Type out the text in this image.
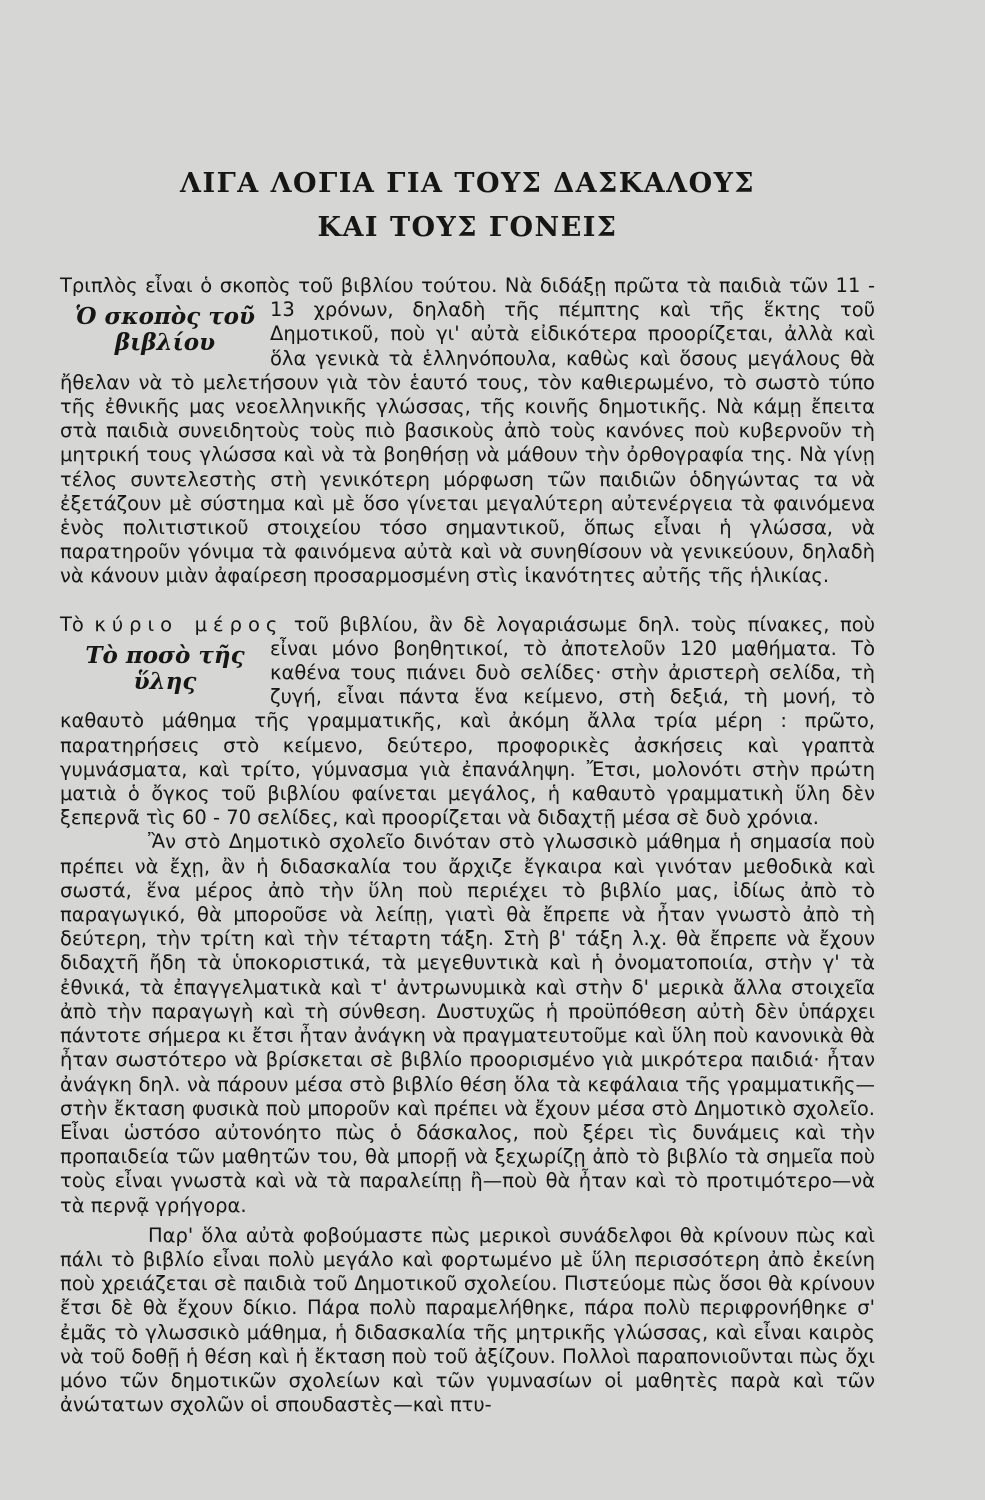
ΛΙΓΑ ΛΟΓΙΑ ΓΙΑ ΤΟΥΣ ΔΑΣΚΑΛΟΥΣ
ΚΑΙ ΤΟΥΣ ΓΟΝΕΙΣ
Τριπλὸς εἶναι ὁ σκοπὸς τοῦ βιβλίου τούτου. Νὰ διδάξῃ πρῶτα τὰ παιδιὰ τῶν 11 - 13 χρόνων, δηλαδὴ τῆς πέμπτης καὶ τῆς ἕκτης τοῦ
Ὁ σκοπὸς τοῦ βιβλίου	Δημοτικοῦ, ποὺ γι' αὐτὰ εἰδικότερα προορίζεται, ἀλλὰ καὶ ὅλα γενικὰ τὰ ἑλληνόπουλα, καθὼς καὶ ὅσους μεγάλους θὰ ἤθελαν νὰ τὸ μελετήσουν γιὰ τὸν ἑαυτό τους, τὸν καθιερωμένο, τὸ σωστὸ τύπο τῆς ἐθνικῆς μας νεοελληνικῆς γλώσσας, τῆς κοινῆς δημοτικῆς. Νὰ κάμῃ ἔπειτα στὰ παιδιὰ συνειδητοὺς τοὺς πιὸ βασικοὺς ἀπὸ τοὺς κανόνες ποὺ κυβερνοῦν τὴ μητρική τους γλώσσα καὶ νὰ τὰ βοηθήσῃ νὰ μάθουν τὴν ὀρθογραφία της. Νὰ γίνῃ τέλος συντελεστὴς στὴ γενικότερη μόρφωση τῶν παιδιῶν ὁδηγώντας τα νὰ ἐξετάζουν μὲ σύστημα καὶ μὲ ὅσο γίνεται μεγαλύτερη αὐτενέργεια τὰ φαινόμενα ἑνὸς πολιτιστικοῦ στοιχείου τόσο σημαντικοῦ, ὅπως εἶναι ἡ γλώσσα, νὰ παρατηροῦν γόνιμα τὰ φαινόμενα αὐτὰ καὶ νὰ συνηθίσουν νὰ γενικεύουν, δηλαδὴ νὰ κάνουν μιὰν ἀφαίρεση προσαρμοσμένη στὶς ἱκανότητες αὐτῆς τῆς ἡλικίας.
Τὸ κύριο μέρος τοῦ βιβλίου, ἂν δὲ λογαριάσωμε δηλ. τοὺς πίνακες, ποὺ εἶναι μόνο βοηθητικοί, τὸ ἀποτελοῦν 120 μαθήματα.
Τὸ ποσὸ τῆς ὕλης
Τὸ καθένα τους πιάνει δυὸ σελίδες· στὴν ἀριστερὴ σελίδα, τὴ ζυγή, εἶναι πάντα ἕνα κείμενο, στὴ δεξιά, τὴ μονή, τὸ καθαυτὸ μάθημα τῆς γραμματικῆς, καὶ ἀκόμη ἄλλα τρία μέρη : πρῶτο, παρατηρήσεις στὸ κείμενο, δεύτερο, προφορικὲς ἀσκήσεις καὶ γραπτὰ γυμνάσματα, καὶ τρίτο, γύμνασμα γιὰ ἐπανάληψη. Ἔτσι, μολονότι στὴν πρώτη ματιὰ ὁ ὄγκος τοῦ βιβλίου φαίνεται μεγάλος, ἡ καθαυτὸ γραμματικὴ ὕλη δὲν ξεπερνᾶ τὶς 60 - 70 σελίδες, καὶ προορίζεται νὰ διδαχτῇ μέσα σὲ δυὸ χρόνια.

Ἂν στὸ Δημοτικὸ σχολεῖο δινόταν στὸ γλωσσικὸ μάθημα ἡ σημασία ποὺ πρέπει νὰ ἔχῃ, ἂν ἡ διδασκαλία του ἄρχιζε ἔγκαιρα καὶ γινόταν μεθοδικὰ καὶ σωστά, ἕνα μέρος ἀπὸ τὴν ὕλη ποὺ περιέχει τὸ βιβλίο μας, ἰδίως ἀπὸ τὸ παραγωγικό, θὰ μποροῦσε νὰ λείπῃ, γιατὶ θὰ ἔπρεπε νὰ ἦταν γνωστὸ ἀπὸ τὴ δεύτερη, τὴν τρίτη καὶ τὴν τέταρτη τάξη. Στὴ β' τάξη λ.χ. θὰ ἔπρεπε νὰ ἔχουν διδαχτῆ ἤδη τὰ ὑποκοριστικά, τὰ μεγεθυντικὰ καὶ ἡ ὀνοματοποιία, στὴν γ' τὰ ἐθνικά, τὰ ἐπαγγελματικὰ καὶ τ' ἀντρωνυμικὰ καὶ στὴν δ' μερικὰ ἄλλα στοιχεῖα ἀπὸ τὴν παραγωγὴ καὶ τὴ σύνθεση. Δυστυχῶς ἡ προϋπόθεση αὐτὴ δὲν ὑπάρχει πάντοτε σήμερα κι ἔτσι ἦταν ἀνάγκη νὰ πραγματευτοῦμε καὶ ὕλη ποὺ κανονικὰ θὰ ἦταν σωστότερο νὰ βρίσκεται σὲ βιβλίο προορισμένο γιὰ μικρότερα παιδιά· ἦταν ἀνάγκη δηλ. νὰ πάρουν μέσα στὸ βιβλίο θέση ὅλα τὰ κεφάλαια τῆς γραμματικῆς—στὴν ἔκταση φυσικὰ ποὺ μποροῦν καὶ πρέπει νὰ ἔχουν μέσα στὸ Δημοτικὸ σχολεῖο. Εἶναι ὡστόσο αὐτονόητο πὼς ὁ δάσκαλος, ποὺ ξέρει τὶς δυνάμεις καὶ τὴν προπαιδεία τῶν μαθητῶν του, θὰ μπορῇ νὰ ξεχωρίζῃ ἀπὸ τὸ βιβλίο τὰ σημεῖα ποὺ τοὺς εἶναι γνωστὰ καὶ νὰ τὰ παραλείπῃ ἢ—ποὺ θὰ ἦταν καὶ τὸ προτιμότερο—νὰ τὰ περνᾷ γρήγορα.

Παρ' ὅλα αὐτὰ φοβούμαστε πὼς μερικοὶ συνάδελφοι θὰ κρίνουν πὼς καὶ πάλι τὸ βιβλίο εἶναι πολὺ μεγάλο καὶ φορτωμένο μὲ ὕλη περισσότερη ἀπὸ ἐκείνη ποὺ χρειάζεται σὲ παιδιὰ τοῦ Δημοτικοῦ σχολείου. Πιστεύομε πὼς ὅσοι θὰ κρίνουν ἔτσι δὲ θὰ ἔχουν δίκιο. Πάρα πολὺ παραμελήθηκε, πάρα πολὺ περιφρονήθηκε σ' ἐμᾶς τὸ γλωσσικὸ μάθημα, ἡ διδασκαλία τῆς μητρικῆς γλώσσας, καὶ εἶναι καιρὸς νὰ τοῦ δοθῇ ἡ θέση καὶ ἡ ἔκταση ποὺ τοῦ ἀξίζουν. Πολλοὶ παραπονιοῦνται πὼς ὄχι μόνο τῶν δημοτικῶν σχολείων καὶ τῶν γυμνασίων οἱ μαθητὲς παρὰ καὶ τῶν ἀνώτατων σχολῶν οἱ σπουδαστὲς—καὶ πτυ-
